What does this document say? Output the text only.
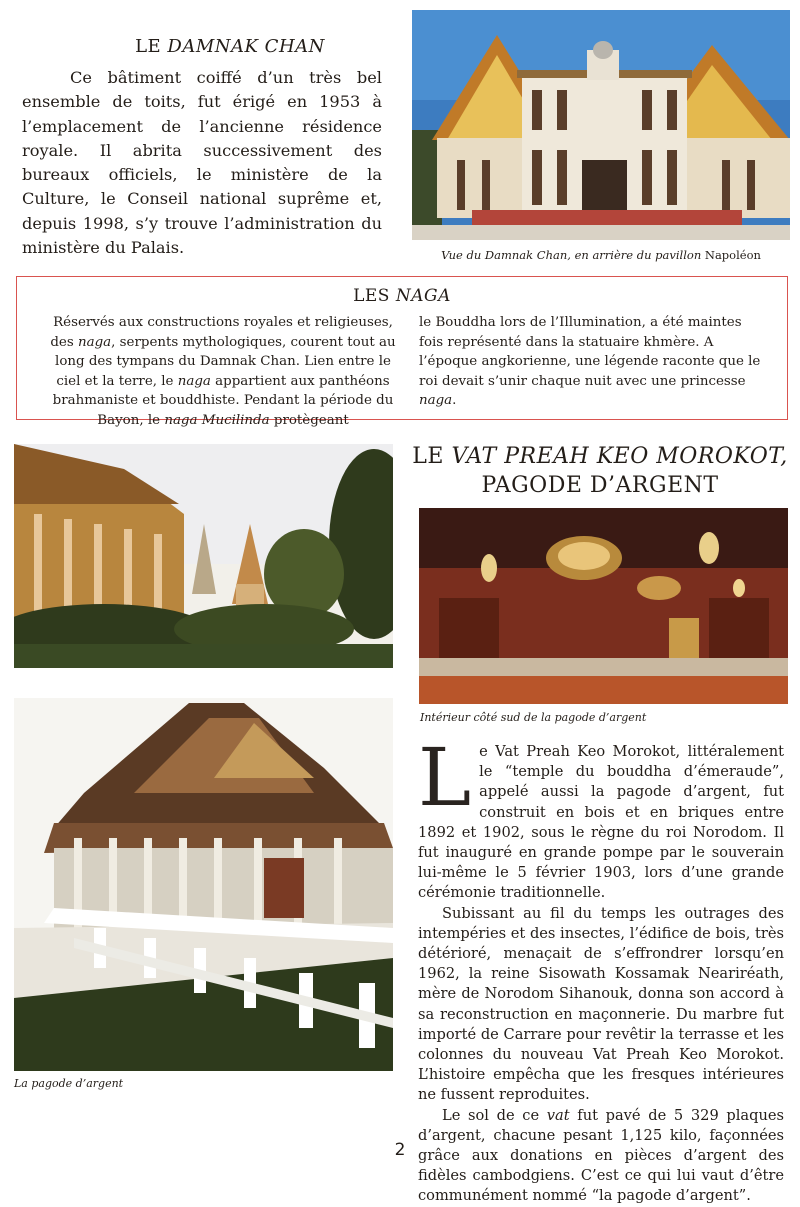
LE DAMNAK CHAN
Ce bâtiment coiffé d’un très bel ensemble de toits, fut érigé en 1953 à l’emplacement de l’ancienne résidence royale. Il abrita successivement des bureaux officiels, le ministère de la Culture, le Conseil national suprême et, depuis 1998, s’y trouve l’administration du ministère du Palais.	Vue du Damnak Chan, en arrière du pavillon Napoléon
LES NAGA
Réservés aux constructions royales et religieuses, des naga, serpents mythologiques, courent tout au long des tympans du Damnak Chan. Lien entre le ciel et la terre, le naga appartient aux panthéons brahmaniste et bouddhiste. Pendant la période du Bayon, le naga Mucilinda protègeant
le Bouddha lors de l’Illumination, a été maintes fois représenté dans la statuaire khmère. A l’époque angkorienne, une légende raconte que le roi devait s’unir chaque nuit avec une princesse naga.
LE VAT PREAH KEO MOROKOT,
PAGODE D’ARGENT
Intérieur côté sud de la pagode d’argent
La pagode d’argent

Le Vat Preah Keo Morokot, littéralement le “temple du bouddha d’émeraude”, appelé aussi la pagode d’argent, fut construit en bois et en briques entre 1892 et 1902, sous le règne du roi Norodom. Il fut inauguré en grande pompe par le souverain lui-même le 5 février 1903, lors d’une grande cérémonie traditionnelle.

Subissant au fil du temps les outrages des intempéries et des insectes, l’édifice de bois, très détérioré, menaçait de s’effrondrer lorsqu’en 1962, la reine Sisowath Kossamak Neariréath, mère de Norodom Sihanouk, donna son accord à sa reconstruction en maçonnerie. Du marbre fut importé de Carrare pour revêtir la terrasse et les colonnes du nouveau Vat Preah Keo Morokot. L’histoire empêcha que les fresques intérieures ne fussent reproduites.

Le sol de ce vat fut pavé de 5 329 plaques d’argent, chacune pesant 1,125 kilo, façonnées grâce aux donations en pièces d’argent des fidèles cambodgiens. C’est ce qui lui vaut d’être communément nommé “la pagode d’argent”.

2
